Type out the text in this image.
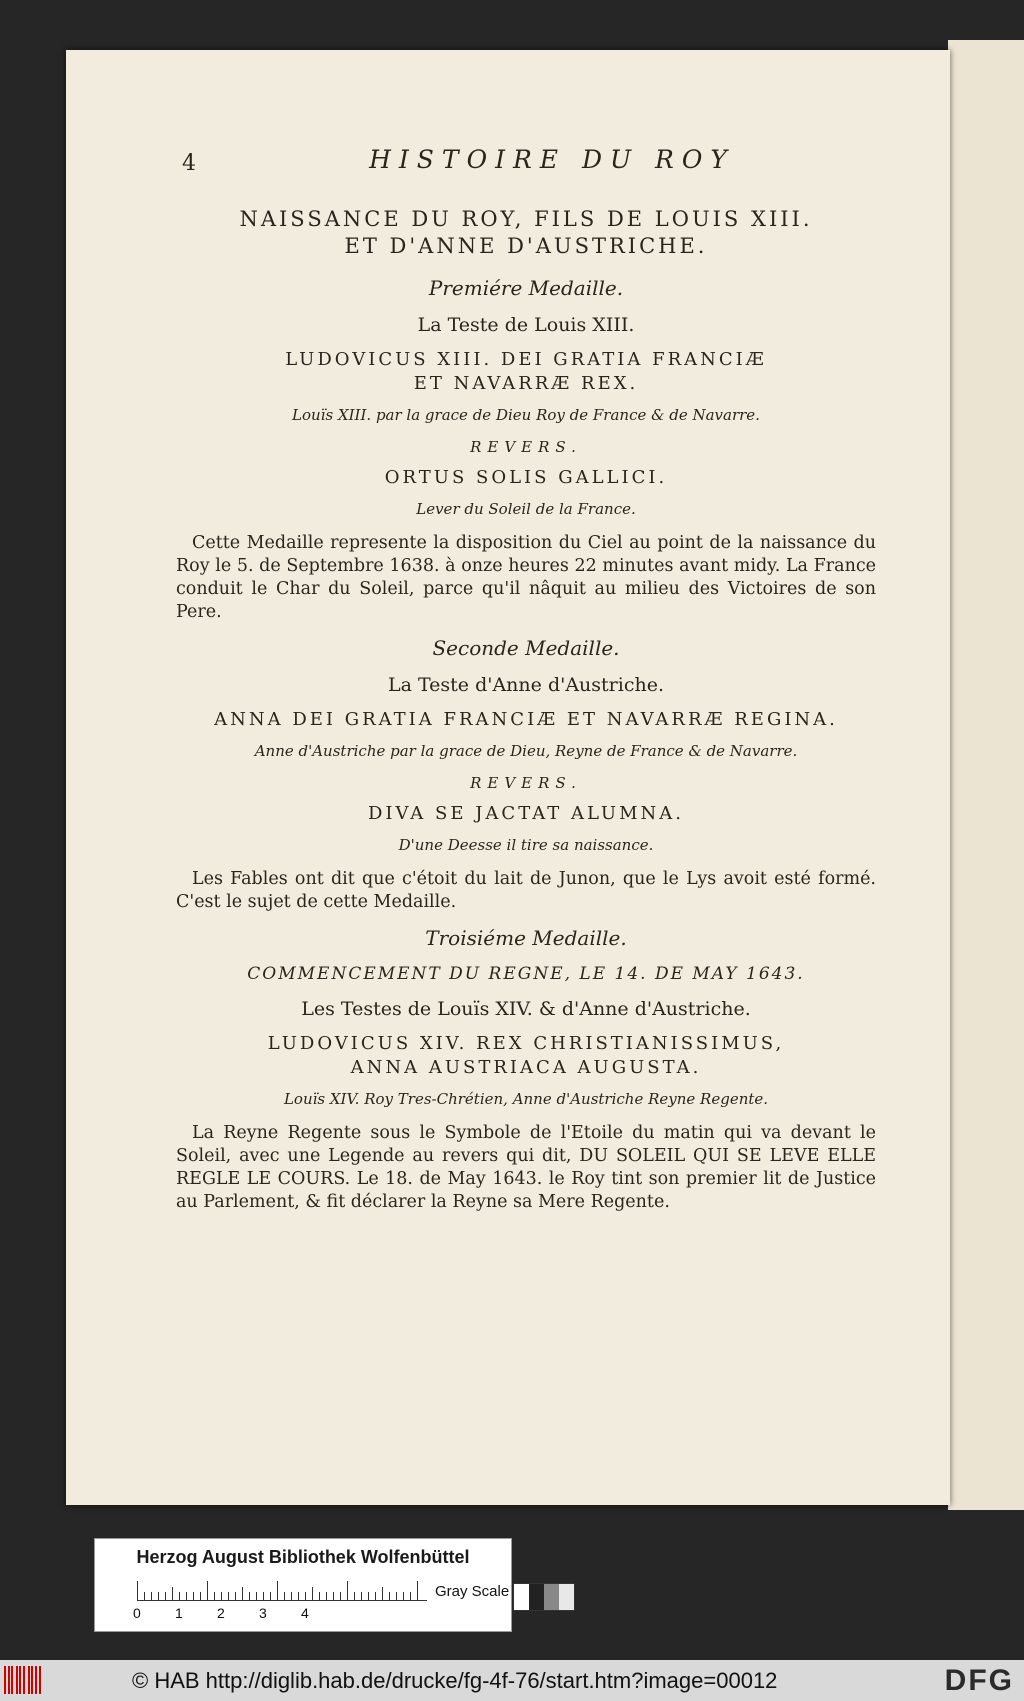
4	HISTOIRE DU ROY
NAISSANCE DU ROY, FILS DE LOUIS XIII.
ET D'ANNE D'AUSTRICHE.
Premiére Medaille.
La Teste de Louis XIII.
LUDOVICUS XIII. DEI GRATIA FRANCIÆ
ET NAVARRÆ REX.
Louïs XIII. par la grace de Dieu Roy de France & de Navarre.
REVERS.
ORTUS SOLIS GALLICI.
Lever du Soleil de la France.
Cette Medaille represente la disposition du Ciel au point de la naissance du Roy le 5. de Septembre 1638. à onze heures 22 minutes avant midy. La France conduit le Char du Soleil, parce qu'il nâquit au milieu des Victoires de son Pere.
Seconde Medaille.
La Teste d'Anne d'Austriche.
ANNA DEI GRATIA FRANCIÆ ET NAVARRÆ REGINA.
Anne d'Austriche par la grace de Dieu, Reyne de France & de Navarre.
REVERS.
DIVA SE JACTAT ALUMNA.
D'une Deesse il tire sa naissance.
Les Fables ont dit que c'étoit du lait de Junon, que le Lys avoit esté formé. C'est le sujet de cette Medaille.
Troisiéme Medaille.
COMMENCEMENT DU REGNE, LE 14. DE MAY 1643.
Les Testes de Louïs XIV. & d'Anne d'Austriche.
LUDOVICUS XIV. REX CHRISTIANISSIMUS,
ANNA AUSTRIACA AUGUSTA.
Louïs XIV. Roy Tres-Chrétien, Anne d'Austriche Reyne Regente.
La Reyne Regente sous le Symbole de l'Etoile du matin qui va devant le Soleil, avec une Legende au revers qui dit, DU SOLEIL QUI SE LEVE ELLE REGLE LE COURS. Le 18. de May 1643. le Roy tint son premier lit de Justice au Parlement, & fit déclarer la Reyne sa Mere Regente.
Herzog August Bibliothek Wolfenbüttel
0 1 2 3 4
Gray Scale
© HAB http://diglib.hab.de/drucke/fg-4f-76/start.htm?image=00012	DFG
